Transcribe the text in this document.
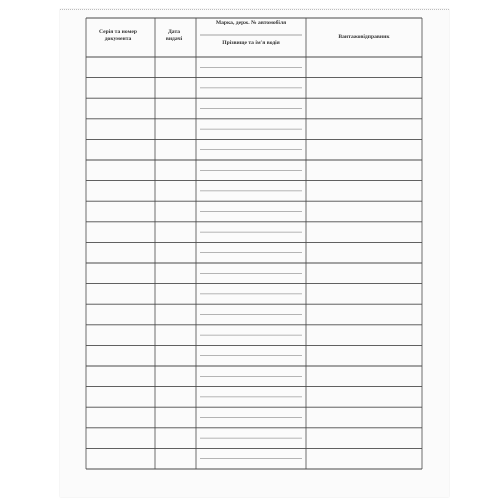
Серія та номер
документа
Дата
видачі
Марка, держ. № автомобіля
Прізвище та ім'я водія
Вантажовідправник
